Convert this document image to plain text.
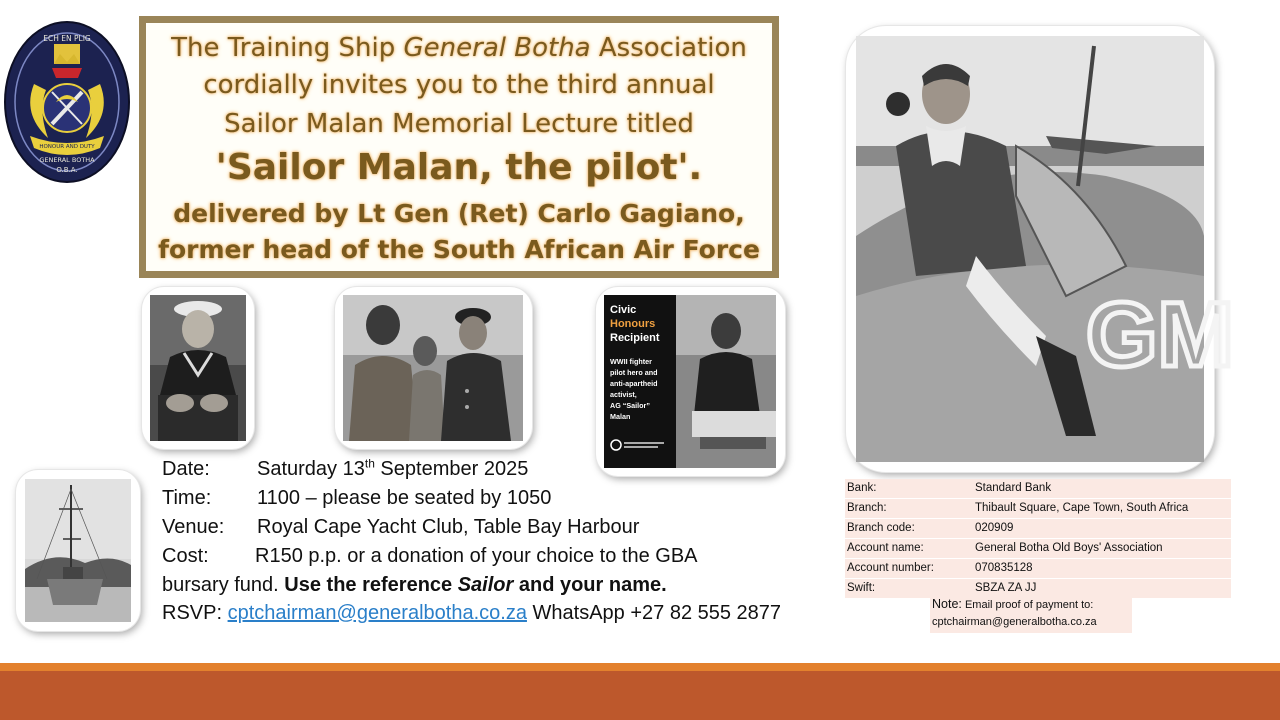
ECH EN PLIG
HONOUR AND DUTY
GENERAL BOTHA
O.B.A.
The Training Ship General Botha Association
cordially invites you to the third annual
Sailor Malan Memorial Lecture titled
'Sailor Malan, the pilot'.
delivered by Lt Gen (Ret) Carlo Gagiano,
former head of the South African Air Force
Civic
Honours
Recipient
WWII fighter
pilot hero and
anti-apartheid
activist,
AG “Sailor”
Malan
GM
Date: Saturday 13th September 2025
Time: 1100 – please be seated by 1050
Venue: Royal Cape Yacht Club, Table Bay Harbour
Cost: R150 p.p. or a donation of your choice to the GBA
bursary fund. Use the reference Sailor and your name.
RSVP: cptchairman@generalbotha.co.za WhatsApp +27 82 555 2877
Bank:	Standard Bank
Branch:	Thibault Square, Cape Town, South Africa
Branch code:	020909
Account name:	General Botha Old Boys' Association
Account number:	070835128
Swift:	SBZA ZA JJ
Note: Email proof of payment to:
cptchairman@generalbotha.co.za
